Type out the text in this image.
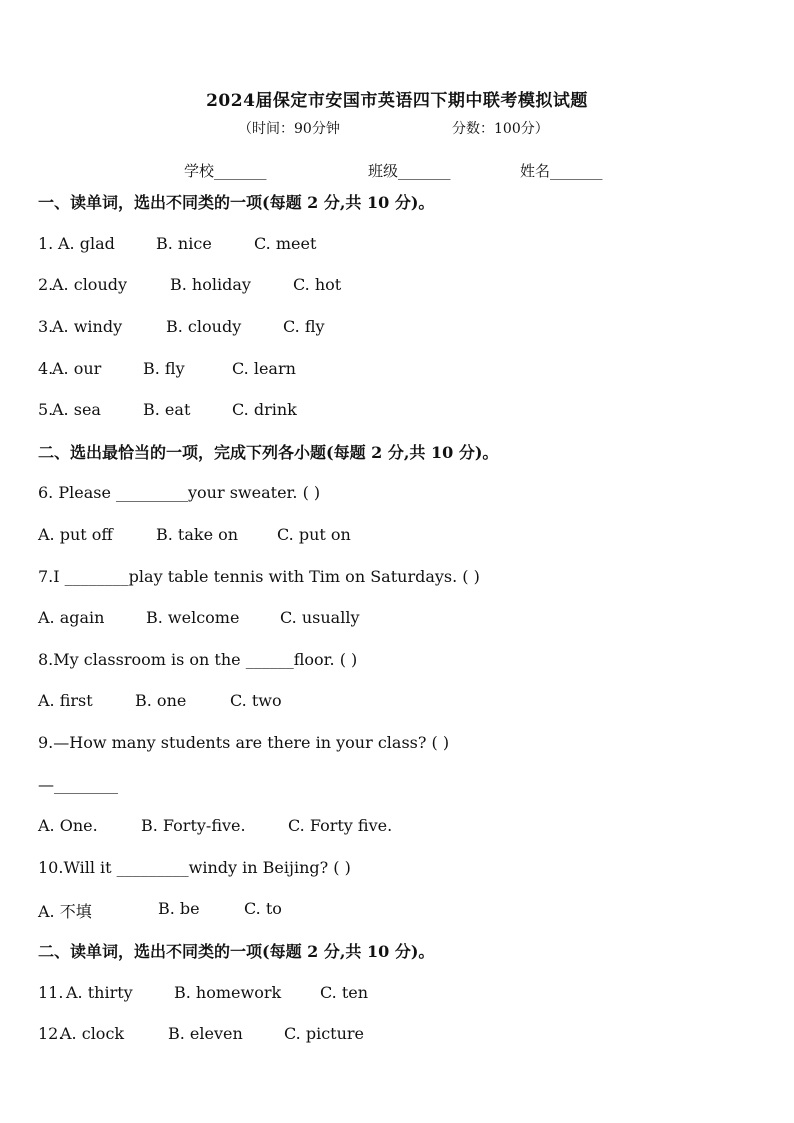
2024届保定市安国市英语四下期中联考模拟试题
（时间：90分钟	分数：100分）
学校_______	班级_______	姓名_______
一、读单词，选出不同类的一项(每题 2 分,共 10 分)。
1. A. glad	B. nice	C. meet
2.
A. cloudy	B. holiday	C. hot
3.
A. windy	B. cloudy	C. fly
4.
A. our	B. fly	C. learn
5.
A. sea	B. eat	C. drink
二、选出最恰当的一项，完成下列各小题(每题 2 分,共 10 分)。
6. Please _________your sweater. ( )
A. put off	B. take on C. put on
7.I ________play table tennis with Tim on Saturdays. ( )
A. again	B. welcome	C. usually
8.My classroom is on the ______floor. ( )
A. first	B. one	C. two
9.—How many students are there in your class? ( )
—________
A. One.	B. Forty-five.	C. Forty five.
10.Will it _________windy in Beijing? ( )
A. 不填	B. be	C. to
二、读单词，选出不同类的一项(每题 2 分,共 10 分)。
11. A. thirty	B. homework C. ten
12.
A. clock	B. eleven	C. picture
